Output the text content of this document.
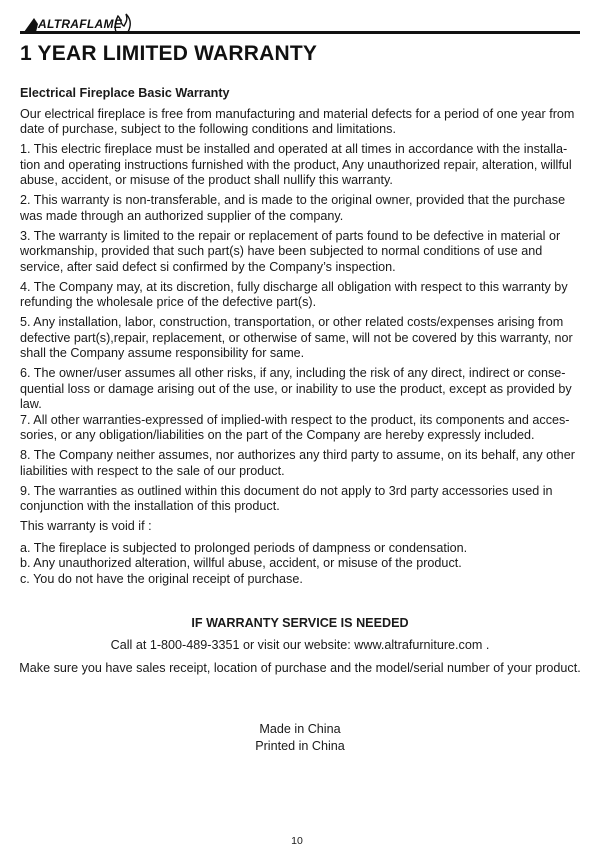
ALTRAFLAME
1 YEAR LIMITED WARRANTY
Electrical Fireplace Basic Warranty

Our electrical fireplace is free from manufacturing and material defects for a period of one year from date of purchase, subject to the following conditions and limitations.

1. This electric fireplace must be installed and operated at all times in accordance with the installa-tion and operating instructions furnished with the product, Any unauthorized repair, alteration, willful abuse, accident, or misuse of the product shall nullify this warranty.

2. This warranty is non-transferable, and is made to the original owner, provided that the purchase was made through an authorized supplier of the company.

3. The warranty is limited to the repair or replacement of parts found to be defective in material or workmanship, provided that such part(s) have been subjected to normal conditions of use and service, after said defect si confirmed by the Company’s inspection.

4. The Company may, at its discretion, fully discharge all obligation with respect to this warranty by refunding the wholesale price of the defective part(s).

5. Any installation, labor, construction, transportation, or other related costs/expenses arising from defective part(s),repair, replacement, or otherwise of same, will not be covered by this warranty, nor shall the Company assume responsibility for same.

6. The owner/user assumes all other risks, if any, including the risk of any direct, indirect or conse-quential loss or damage arising out of the use, or inability to use the product, except as provided by law.

7. All other warranties-expressed of implied-with respect to the product, its components and acces-sories, or any obligation/liabilities on the part of the Company are hereby expressly included.

8. The Company neither assumes, nor authorizes any third party to assume, on its behalf, any other liabilities with respect to the sale of our product.

9. The warranties as outlined within this document do not apply to 3rd party accessories used in conjunction with the installation of this product.

This warranty is void if :

a. The fireplace is subjected to prolonged periods of dampness or condensation.

b. Any unauthorized alteration, willful abuse, accident, or misuse of the product.

c. You do not have the original receipt of purchase.

IF WARRANTY SERVICE IS NEEDED
Call at 1-800-489-3351 or visit our website: www.altrafurniture.com .
Make sure you have sales receipt, location of purchase and the model/serial number of your product.
Made in China
Printed in China
10
